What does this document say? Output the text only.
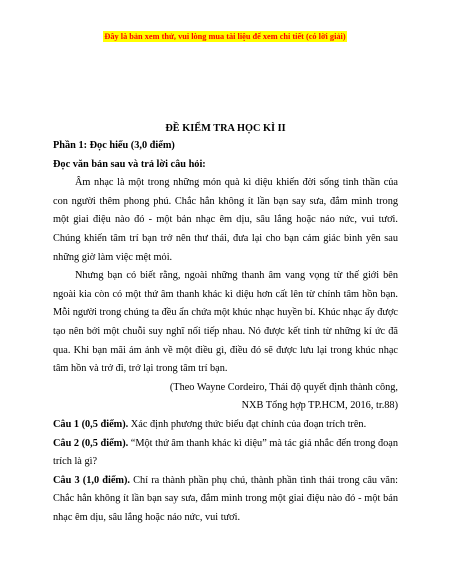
Đây là bản xem thử, vui lòng mua tài liệu để xem chi tiết (có lời giải)

ĐỀ KIỂM TRA HỌC KÌ II

Phần 1: Đọc hiểu (3,0 điểm)

Đọc văn bản sau và trả lời câu hỏi:

Âm nhạc là một trong những món quà kì diệu khiến đời sống tinh thần của con người thêm phong phú. Chắc hẳn không ít lần bạn say sưa, đắm mình trong một giai điệu nào đó - một bản nhạc êm dịu, sâu lắng hoặc náo nức, vui tươi. Chúng khiến tâm trí bạn trở nên thư thái, đưa lại cho bạn cảm giác bình yên sau những giờ làm việc mệt mỏi.

Nhưng bạn có biết rằng, ngoài những thanh âm vang vọng từ thế giới bên ngoài kia còn có một thứ âm thanh khác kì diệu hơn cất lên từ chính tâm hồn bạn. Mỗi người trong chúng ta đều ẩn chứa một khúc nhạc huyền bí. Khúc nhạc ấy được tạo nên bởi một chuỗi suy nghĩ nối tiếp nhau. Nó được kết tinh từ những kí ức đã qua. Khi bạn mãi ám ảnh về một điều gì, điều đó sẽ được lưu lại trong khúc nhạc tâm hồn và trở đi, trở lại trong tâm trí bạn.

(Theo Wayne Cordeiro, Thái độ quyết định thành công,

NXB Tổng hợp TP.HCM, 2016, tr.88)

Câu 1 (0,5 điểm). Xác định phương thức biểu đạt chính của đoạn trích trên.

Câu 2 (0,5 điểm). “Một thứ âm thanh khác kì diệu” mà tác giả nhắc đến trong đoạn trích là gì?

Câu 3 (1,0 điểm). Chỉ ra thành phần phụ chú, thành phần tình thái trong câu văn: Chắc hẳn không ít lần bạn say sưa, đắm mình trong một giai điệu nào đó - một bản nhạc êm dịu, sâu lắng hoặc náo nức, vui tươi.
